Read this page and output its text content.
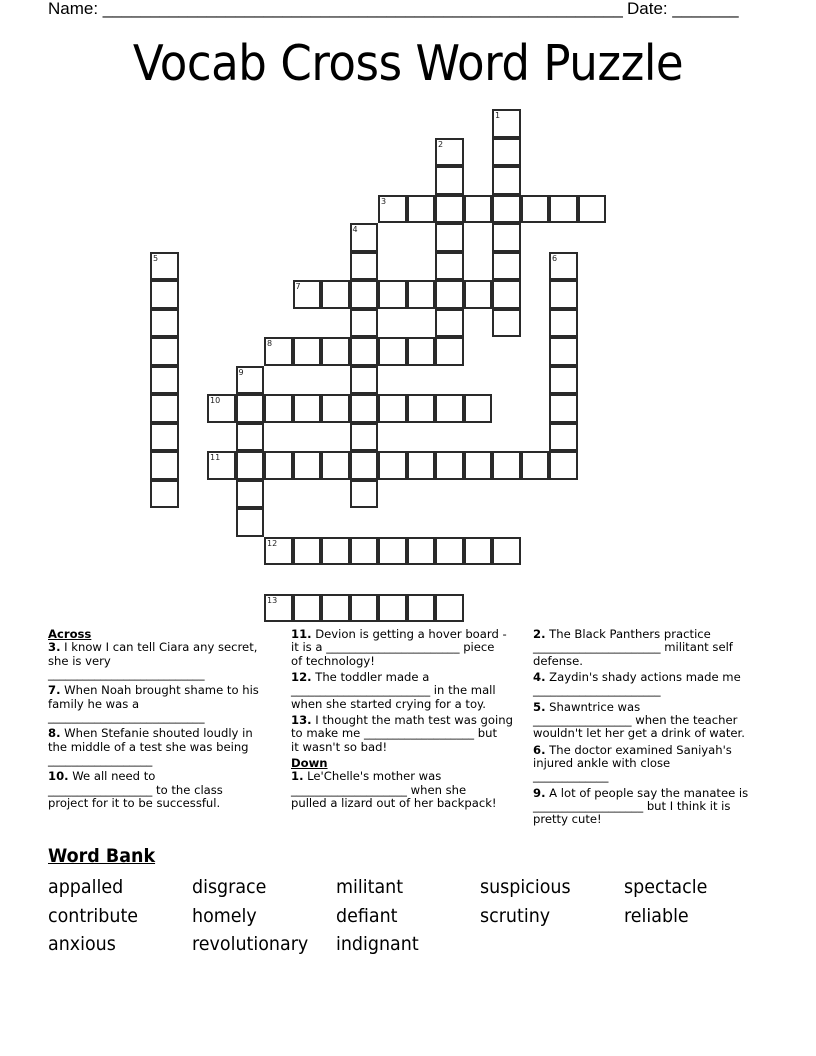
Name: _______________________________________________________ Date: _______
Vocab Cross Word Puzzle
1
2
3
4
5	6
7
8
9
10
11
12
13
Across
3. I know I can tell Ciara any secret,
she is very
___________________________
7. When Noah brought shame to his
family he was a
___________________________
8. When Stefanie shouted loudly in
the middle of a test she was being
__________________
10. We all need to
__________________ to the class
project for it to be successful.
11. Devion is getting a hover board -
it is a _______________________ piece
of technology!
12. The toddler made a
________________________ in the mall
when she started crying for a toy.
13. I thought the math test was going
to make me ___________________ but
it wasn't so bad!
Down
1. Le'Chelle's mother was
____________________ when she
pulled a lizard out of her backpack!
2. The Black Panthers practice
______________________ militant self
defense.
4. Zaydin's shady actions made me
______________________
5. Shawntrice was
_________________ when the teacher
wouldn't let her get a drink of water.
6. The doctor examined Saniyah's
injured ankle with close
_____________
9. A lot of people say the manatee is
___________________ but I think it is
pretty cute!
Word Bank
appalled	disgrace	militant	suspicious	spectacle
contribute	homely	defiant	scrutiny	reliable
anxious	revolutionary indignant
